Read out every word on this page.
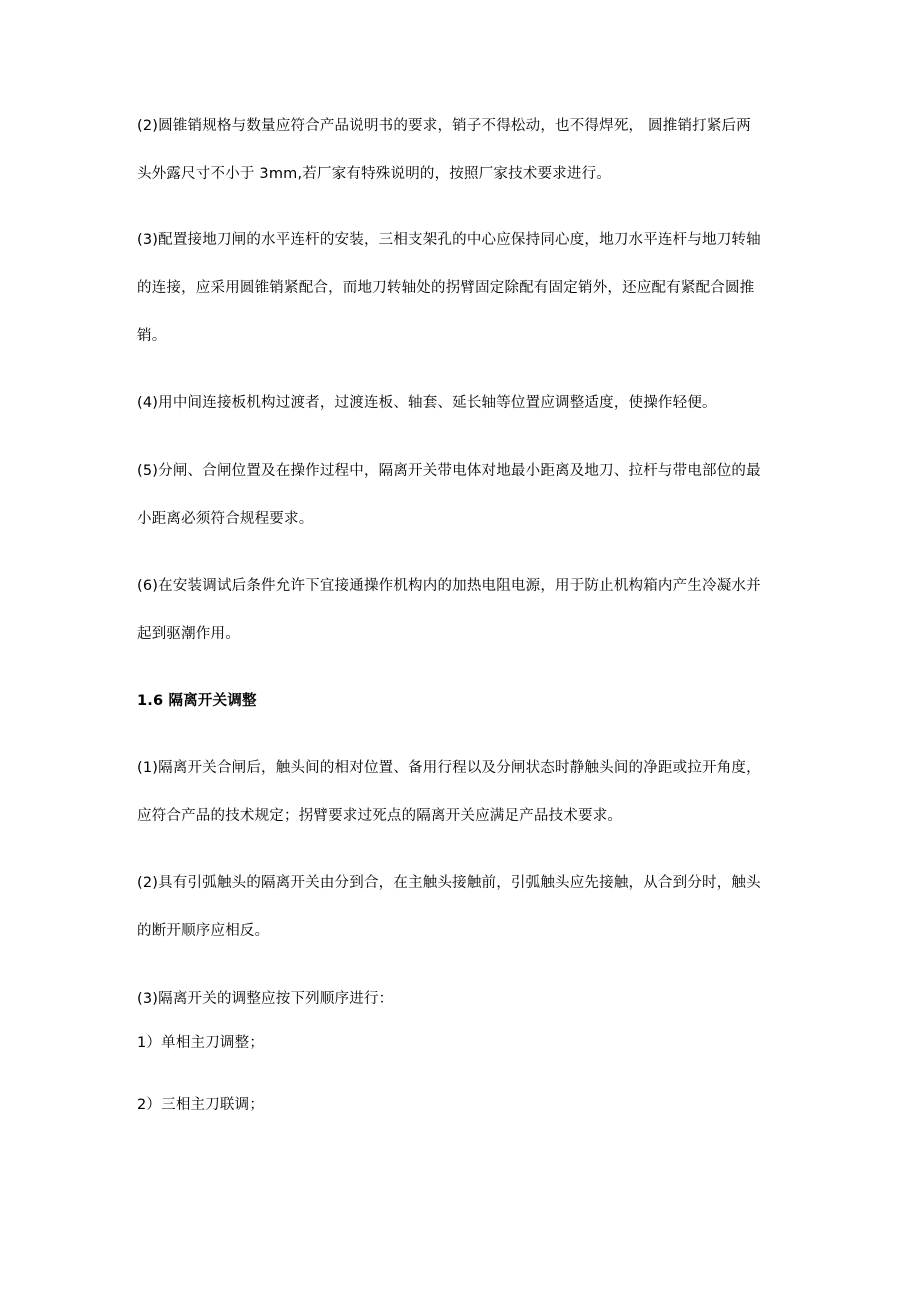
(2)圆锥销规格与数量应符合产品说明书的要求，销子不得松动，也不得焊死， 圆推销打紧后两
头外露尺寸不小于 3mm,若厂家有特殊说明的，按照厂家技术要求进行。
(3)配置接地刀闸的水平连杆的安装，三相支架孔的中心应保持同心度，地刀水平连杆与地刀转轴
的连接，应采用圆锥销紧配合，而地刀转轴处的拐臂固定除配有固定销外，还应配有紧配合圆推
销。
(4)用中间连接板机构过渡者，过渡连板、轴套、延长轴等位置应调整适度，使操作轻便。
(5)分闸、合闸位置及在操作过程中，隔离开关带电体对地最小距离及地刀、拉杆与带电部位的最
小距离必须符合规程要求。
(6)在安装调试后条件允许下宜接通操作机构内的加热电阻电源，用于防止机构箱内产生冷凝水并
起到驱潮作用。
1.6 隔离开关调整
(1)隔离开关合闸后，触头间的相对位置、备用行程以及分闸状态时静触头间的净距或拉开角度，
应符合产品的技术规定；拐臂要求过死点的隔离开关应满足产品技术要求。
(2)具有引弧触头的隔离开关由分到合，在主触头接触前，引弧触头应先接触，从合到分时，触头
的断开顺序应相反。
(3)隔离开关的调整应按下列顺序进行：
1）单相主刀调整；
2）三相主刀联调；
